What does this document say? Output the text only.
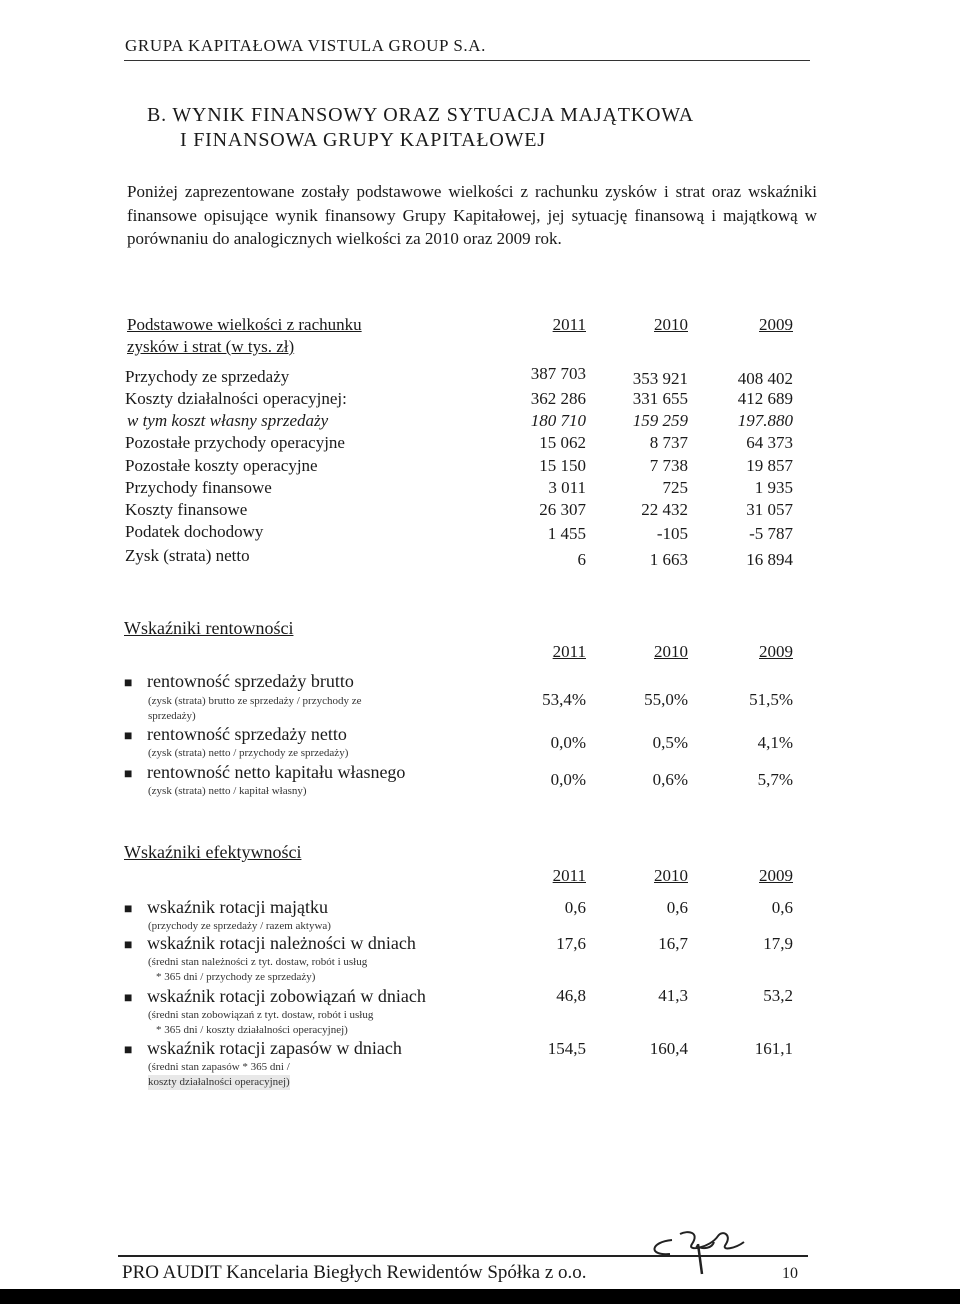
GRUPA KAPITAŁOWA VISTULA GROUP S.A.
B. WYNIK FINANSOWY ORAZ SYTUACJA MAJĄTKOWA
I FINANSOWA GRUPY KAPITAŁOWEJ
Poniżej zaprezentowane zostały podstawowe wielkości z rachunku zysków i strat oraz wskaźniki finansowe opisujące wynik finansowy Grupy Kapitałowej, jej sytuację finansową i majątkową w porównaniu do analogicznych wielkości za 2010 oraz 2009 rok.
Podstawowe wielkości z rachunku
zysków i strat (w tys. zł)
2011	2010	2009
Przychody ze sprzedaży	387 703	353 921	408 402
Koszty działalności operacyjnej:	362 286	331 655	412 689
w tym koszt własny sprzedaży	180 710	159 259	197.880
Pozostałe przychody operacyjne	15 062	8 737	64 373
Pozostałe koszty operacyjne	15 150	7 738	19 857
Przychody finansowe	3 011	725	1 935
Koszty finansowe	26 307	22 432	31 057
Podatek dochodowy	1 455	-105	-5 787
Zysk (strata) netto	6	1 663	16 894
Wskaźniki rentowności
2011	2010	2009
■ rentowność sprzedaży brutto
(zysk (strata) brutto ze sprzedaży / przychody ze
sprzedaży)
53,4%	55,0%	51,5%
■ rentowność sprzedaży netto
(zysk (strata) netto / przychody ze sprzedaży)
0,0%	0,5%	4,1%
■ rentowność netto kapitału własnego
(zysk (strata) netto / kapitał własny)
0,0%	0,6%	5,7%
Wskaźniki efektywności
2011	2010	2009
■ wskaźnik rotacji majątku
(przychody ze sprzedaży / razem aktywa)
0,6	0,6	0,6
■ wskaźnik rotacji należności w dniach
(średni stan należności z tyt. dostaw, robót i usług
* 365 dni / przychody ze sprzedaży)
17,6	16,7	17,9
■ wskaźnik rotacji zobowiązań w dniach
(średni stan zobowiązań z tyt. dostaw, robót i usług
* 365 dni / koszty działalności operacyjnej)
46,8	41,3	53,2
■ wskaźnik rotacji zapasów w dniach
(średni stan zapasów * 365 dni /
koszty działalności operacyjnej)
154,5	160,4	161,1
PRO AUDIT Kancelaria Biegłych Rewidentów Spółka z o.o.	10
